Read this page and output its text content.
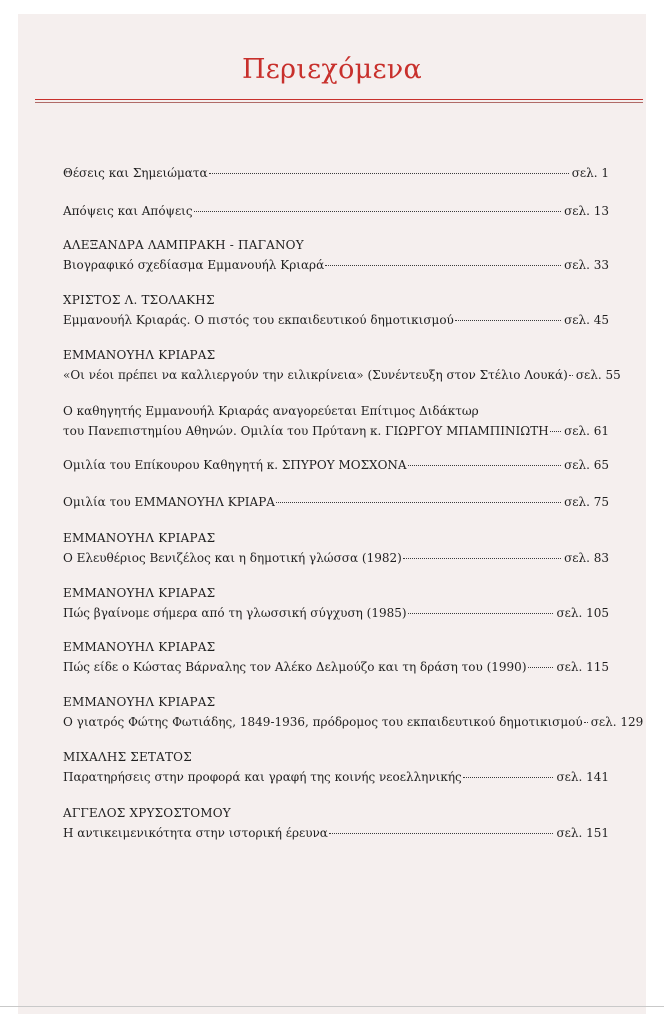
Περιεχόμενα
Θέσεις και Σημειώματα	σελ. 1
Απόψεις και Απόψεις	σελ. 13
ΑΛΕΞΑΝΔΡΑ ΛΑΜΠΡΑΚΗ - ΠΑΓΑΝΟΥ
Βιογραφικό σχεδίασμα Εμμανουήλ Κριαρά	σελ. 33
ΧΡΙΣΤΟΣ Λ. ΤΣΟΛΑΚΗΣ
Εμμανουήλ Κριαράς. Ο πιστός του εκπαιδευτικού δημοτικισμού	σελ. 45
ΕΜΜΑΝΟΥΗΛ ΚΡΙΑΡΑΣ
«Οι νέοι πρέπει να καλλιεργούν την ειλικρίνεια» (Συνέντευξη στον Στέλιο Λουκά) σελ. 55
Ο καθηγητής Εμμανουήλ Κριαράς αναγορεύεται Επίτιμος Διδάκτωρ
του Πανεπιστημίου Αθηνών. Ομιλία του Πρύτανη κ. ΓΙΩΡΓΟΥ ΜΠΑΜΠΙΝΙΩΤΗ σελ. 61
Ομιλία του Επίκουρου Καθηγητή κ. ΣΠΥΡΟΥ ΜΟΣΧΟΝΑ	σελ. 65
Ομιλία του ΕΜΜΑΝΟΥΗΛ ΚΡΙΑΡΑ	σελ. 75
ΕΜΜΑΝΟΥΗΛ ΚΡΙΑΡΑΣ
Ο Ελευθέριος Βενιζέλος και η δημοτική γλώσσα (1982)	σελ. 83
ΕΜΜΑΝΟΥΗΛ ΚΡΙΑΡΑΣ
Πώς βγαίνομε σήμερα από τη γλωσσική σύγχυση (1985)	σελ. 105
ΕΜΜΑΝΟΥΗΛ ΚΡΙΑΡΑΣ
Πώς είδε ο Κώστας Βάρναλης τον Αλέκο Δελμούζο και τη δράση του (1990) σελ. 115
ΕΜΜΑΝΟΥΗΛ ΚΡΙΑΡΑΣ
Ο γιατρός Φώτης Φωτιάδης, 1849-1936, πρόδρομος του εκπαιδευτικού δημοτικισμού σελ. 129
ΜΙΧΑΛΗΣ ΣΕΤΑΤΟΣ
Παρατηρήσεις στην προφορά και γραφή της κοινής νεοελληνικής	σελ. 141
ΑΓΓΕΛΟΣ ΧΡΥΣΟΣΤΟΜΟΥ
Η αντικειμενικότητα στην ιστορική έρευνα	σελ. 151
